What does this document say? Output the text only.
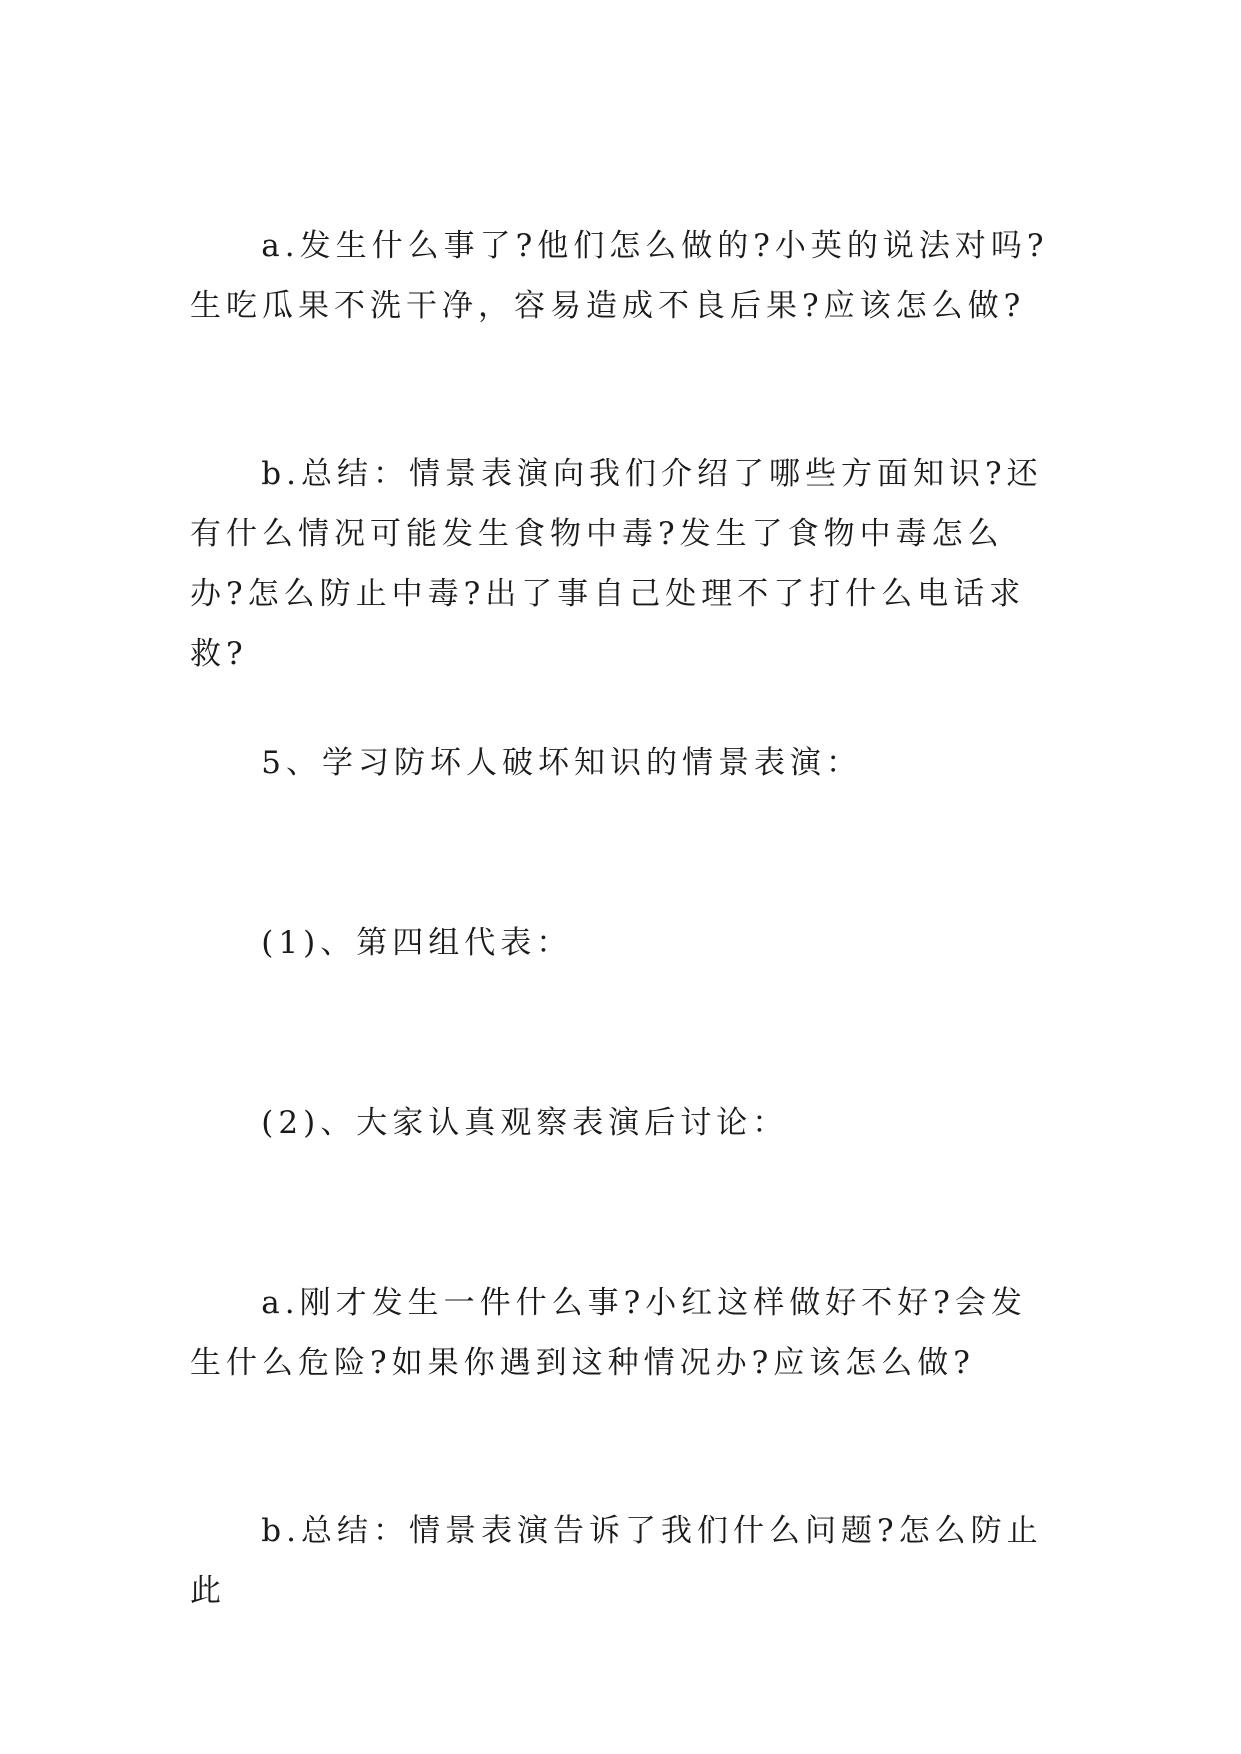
a.发生什么事了?他们怎么做的?小英的说法对吗?生吃瓜果不洗干净，容易造成不良后果?应该怎么做?

b.总结：情景表演向我们介绍了哪些方面知识?还有什么情况可能发生食物中毒?发生了食物中毒怎么办?怎么防止中毒?出了事自己处理不了打什么电话求救?

5、学习防坏人破坏知识的情景表演：

(1)、第四组代表：

(2)、大家认真观察表演后讨论：

a.刚才发生一件什么事?小红这样做好不好?会发生什么危险?如果你遇到这种情况办?应该怎么做?

b.总结：情景表演告诉了我们什么问题?怎么防止此
